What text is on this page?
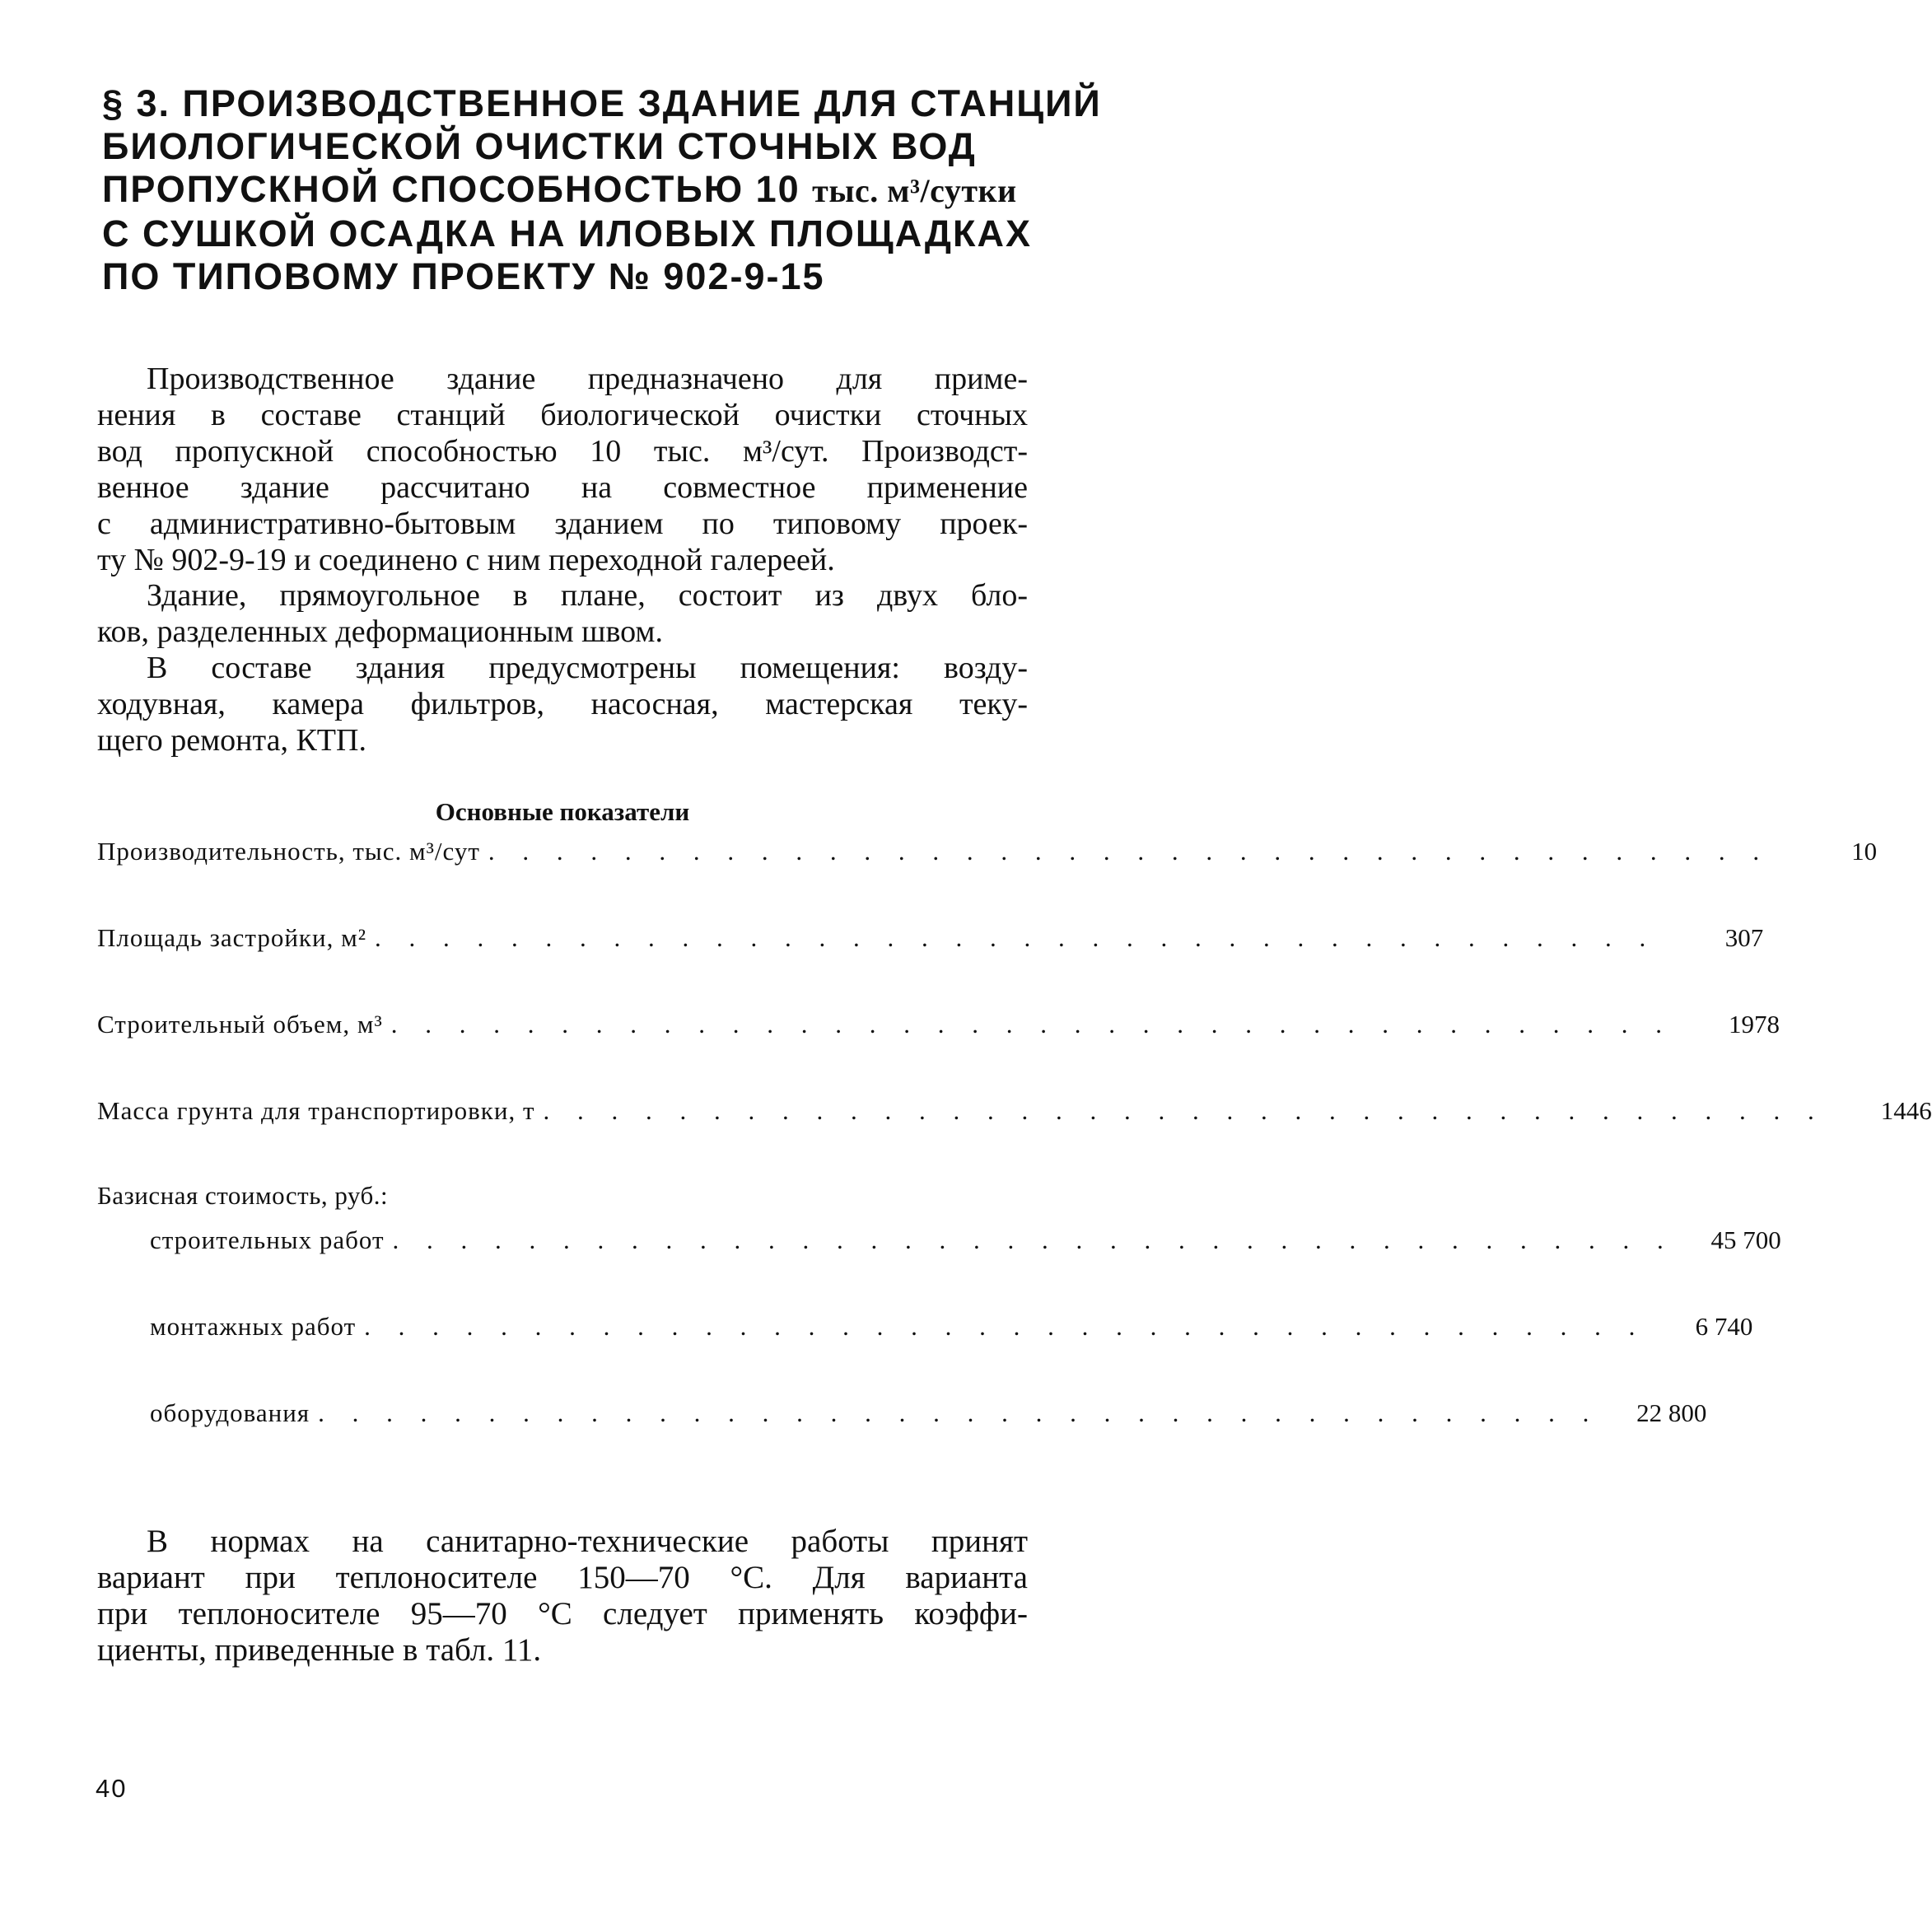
§ 3. ПРОИЗВОДСТВЕННОЕ ЗДАНИЕ ДЛЯ СТАНЦИЙ
БИОЛОГИЧЕСКОЙ ОЧИСТКИ СТОЧНЫХ ВОД
ПРОПУСКНОЙ СПОСОБНОСТЬЮ 10 тыс. м³/сутки
С СУШКОЙ ОСАДКА НА ИЛОВЫХ ПЛОЩАДКАХ
ПО ТИПОВОМУ ПРОЕКТУ № 902-9-15
Производственное здание предназначено для приме-
нения в составе станций биологической очистки сточных
вод пропускной способностью 10 тыс. м³/сут. Производст-
венное здание рассчитано на совместное применение
с административно-бытовым зданием по типовому проек-
ту № 902-9-19 и соединено с ним переходной галереей.
Здание, прямоугольное в плане, состоит из двух бло-
ков, разделенных деформационным швом.
В составе здания предусмотрены помещения: возду-
ходувная, камера фильтров, насосная, мастерская теку-
щего ремонта, КТП.
Основные показатели
Производительность, тыс. м³/сут . . . . . . . . . . . . . . . . . . . . . . . . . . . . . . . . . . . . . .	10
Площадь застройки, м² . . . . . . . . . . . . . . . . . . . . . . . . . . . . . . . . . . . . . .	307
Строительный объем, м³ . . . . . . . . . . . . . . . . . . . . . . . . . . . . . . . . . . . . . .	1978
Масса грунта для транспортировки, т . . . . . . . . . . . . . . . . . . . . . . . . . . . . . . . . . . . . . .	1446
Базисная стоимость, руб.:
строительных работ . . . . . . . . . . . . . . . . . . . . . . . . . . . . . . . . . . . . . .	45 700
монтажных работ . . . . . . . . . . . . . . . . . . . . . . . . . . . . . . . . . . . . . .	6 740
оборудования . . . . . . . . . . . . . . . . . . . . . . . . . . . . . . . . . . . . . .	22 800
В нормах на санитарно-технические работы принят
вариант при теплоносителе 150—70 °С. Для варианта
при теплоносителе 95—70 °С следует применять коэффи-
циенты, приведенные в табл. 11.
40
